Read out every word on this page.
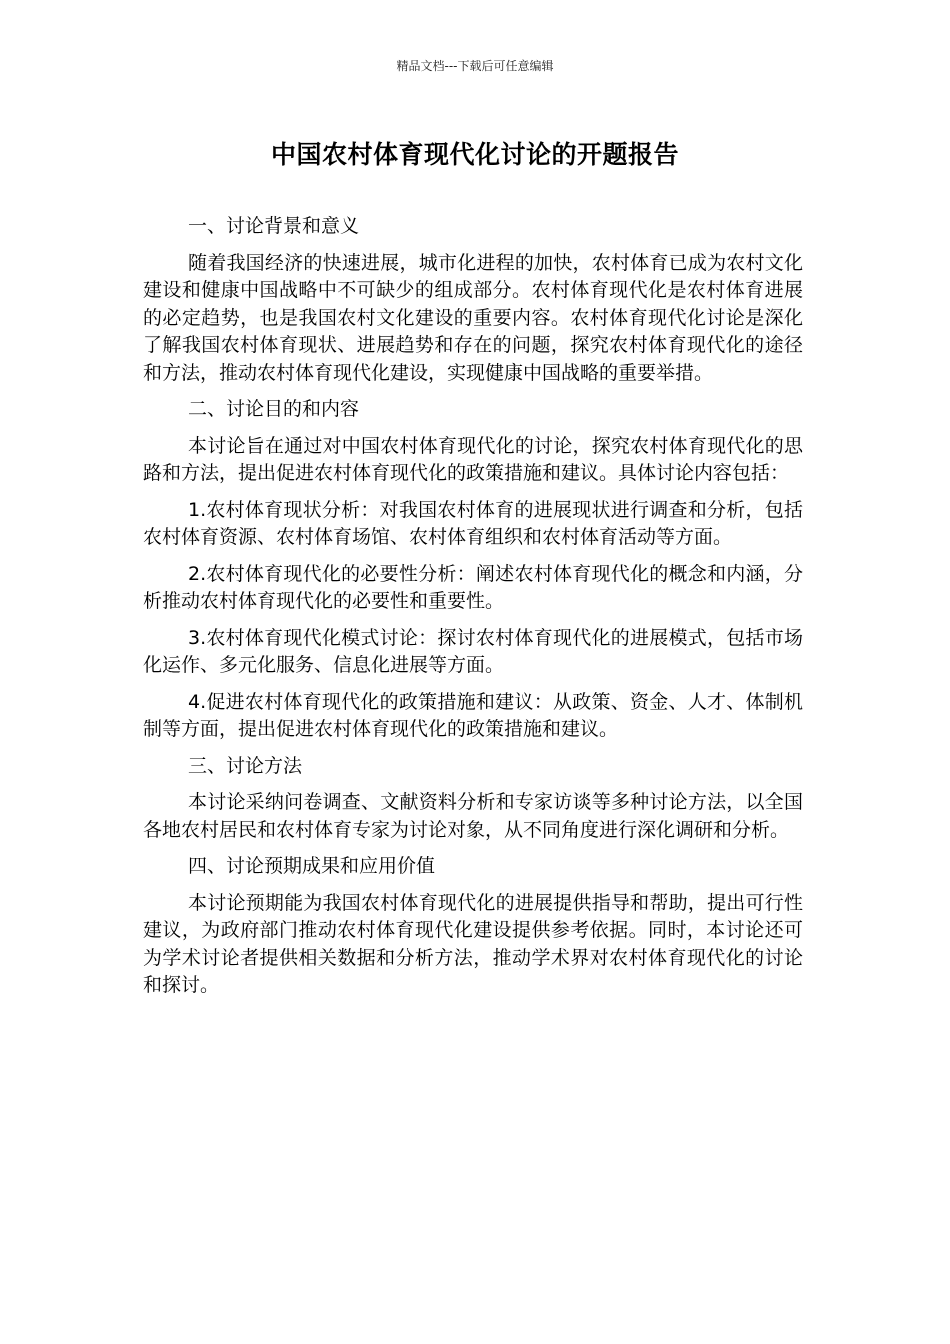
精品文档---下载后可任意编辑
中国农村体育现代化讨论的开题报告

一、讨论背景和意义

随着我国经济的快速进展，城市化进程的加快，农村体育已成为农村文化建设和健康中国战略中不可缺少的组成部分。农村体育现代化是农村体育进展的必定趋势，也是我国农村文化建设的重要内容。农村体育现代化讨论是深化了解我国农村体育现状、进展趋势和存在的问题，探究农村体育现代化的途径和方法，推动农村体育现代化建设，实现健康中国战略的重要举措。

二、讨论目的和内容

本讨论旨在通过对中国农村体育现代化的讨论，探究农村体育现代化的思路和方法，提出促进农村体育现代化的政策措施和建议。具体讨论内容包括：

1.农村体育现状分析：对我国农村体育的进展现状进行调查和分析，包括农村体育资源、农村体育场馆、农村体育组织和农村体育活动等方面。

2.农村体育现代化的必要性分析：阐述农村体育现代化的概念和内涵，分析推动农村体育现代化的必要性和重要性。

3.农村体育现代化模式讨论：探讨农村体育现代化的进展模式，包括市场化运作、多元化服务、信息化进展等方面。

4.促进农村体育现代化的政策措施和建议：从政策、资金、人才、体制机制等方面，提出促进农村体育现代化的政策措施和建议。

三、讨论方法

本讨论采纳问卷调查、文献资料分析和专家访谈等多种讨论方法，以全国各地农村居民和农村体育专家为讨论对象，从不同角度进行深化调研和分析。

四、讨论预期成果和应用价值

本讨论预期能为我国农村体育现代化的进展提供指导和帮助，提出可行性建议，为政府部门推动农村体育现代化建设提供参考依据。同时，本讨论还可为学术讨论者提供相关数据和分析方法，推动学术界对农村体育现代化的讨论和探讨。
